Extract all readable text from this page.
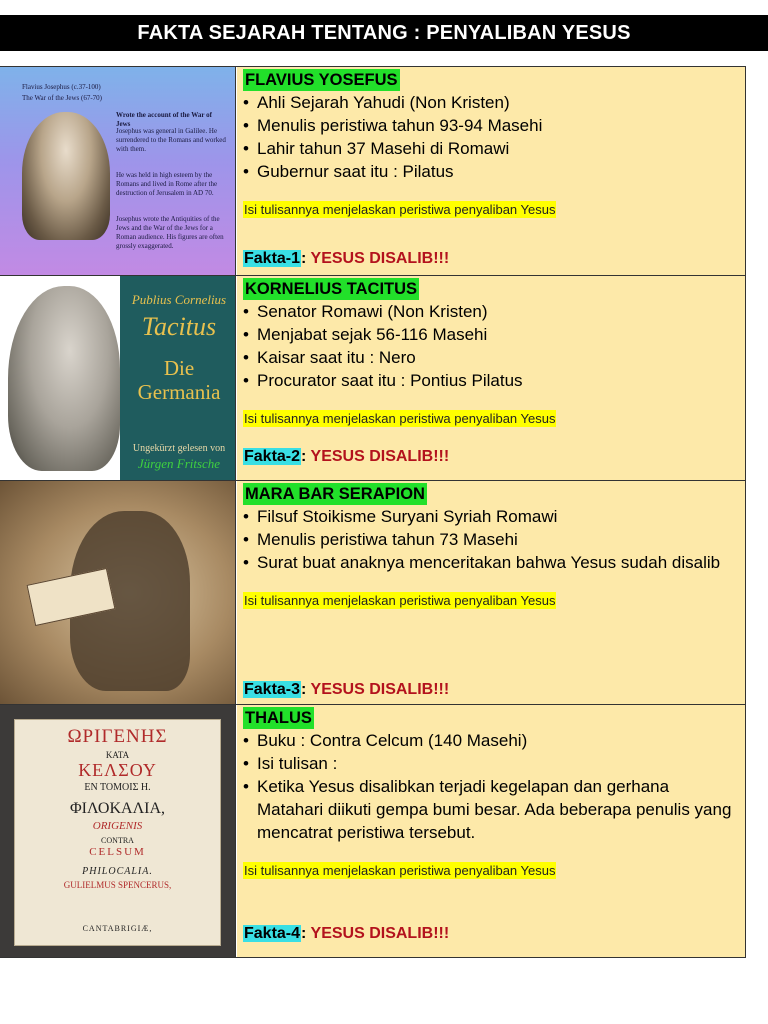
FAKTA SEJARAH TENTANG : PENYALIBAN YESUS
Flavius Josephus (c.37-100)
The War of the Jews (67-70)
Wrote the account of the War of Jews
Josephus was general in Galilee. He surrendered to the Romans and worked with them.
He was held in high esteem by the Romans and lived in Rome after the destruction of Jerusalem in AD 70.
Josephus wrote the Antiquities of the Jews and the War of the Jews for a Roman audience. His figures are often grossly exaggerated.
FLAVIUS YOSEFUS
• Ahli Sejarah Yahudi (Non Kristen)
• Menulis peristiwa tahun 93-94 Masehi
• Lahir tahun 37 Masehi di Romawi
• Gubernur saat itu : Pilatus
Isi tulisannya menjelaskan peristiwa penyaliban Yesus
Fakta-1: YESUS DISALIB!!!
Publius Cornelius
Tacitus
Die
Germania
Ungekürzt gelesen von
Jürgen Fritsche
KORNELIUS TACITUS
• Senator Romawi (Non Kristen)
• Menjabat sejak 56-116 Masehi
• Kaisar saat itu : Nero
• Procurator saat itu : Pontius Pilatus
Isi tulisannya menjelaskan peristiwa penyaliban Yesus
Fakta-2: YESUS DISALIB!!!
MARA BAR SERAPION
• Filsuf Stoikisme Suryani Syriah Romawi
• Menulis peristiwa tahun 73 Masehi
• Surat buat anaknya menceritakan bahwa Yesus sudah disalib
Isi tulisannya menjelaskan peristiwa penyaliban Yesus
Fakta-3: YESUS DISALIB!!!
ΩΡΙΓΕΝΗΣ
ΚΑΤΑ
ΚΕΛΣΟΥ
ΕΝ ΤΟΜΟΙΣ Η.
ΦΙΛΟΚΑΛΙΑ,
ORIGENIS
CONTRA
CELSUM
PHILOCALIA.
GULIELMUS SPENCERUS,
CANTABRIGIÆ,
THALUS
• Buku : Contra Celcum (140 Masehi)
• Isi tulisan :
• Ketika Yesus disalibkan terjadi kegelapan dan gerhana Matahari diikuti gempa bumi besar. Ada beberapa penulis yang mencatrat peristiwa tersebut.
Isi tulisannya menjelaskan peristiwa penyaliban Yesus
Fakta-4: YESUS DISALIB!!!
